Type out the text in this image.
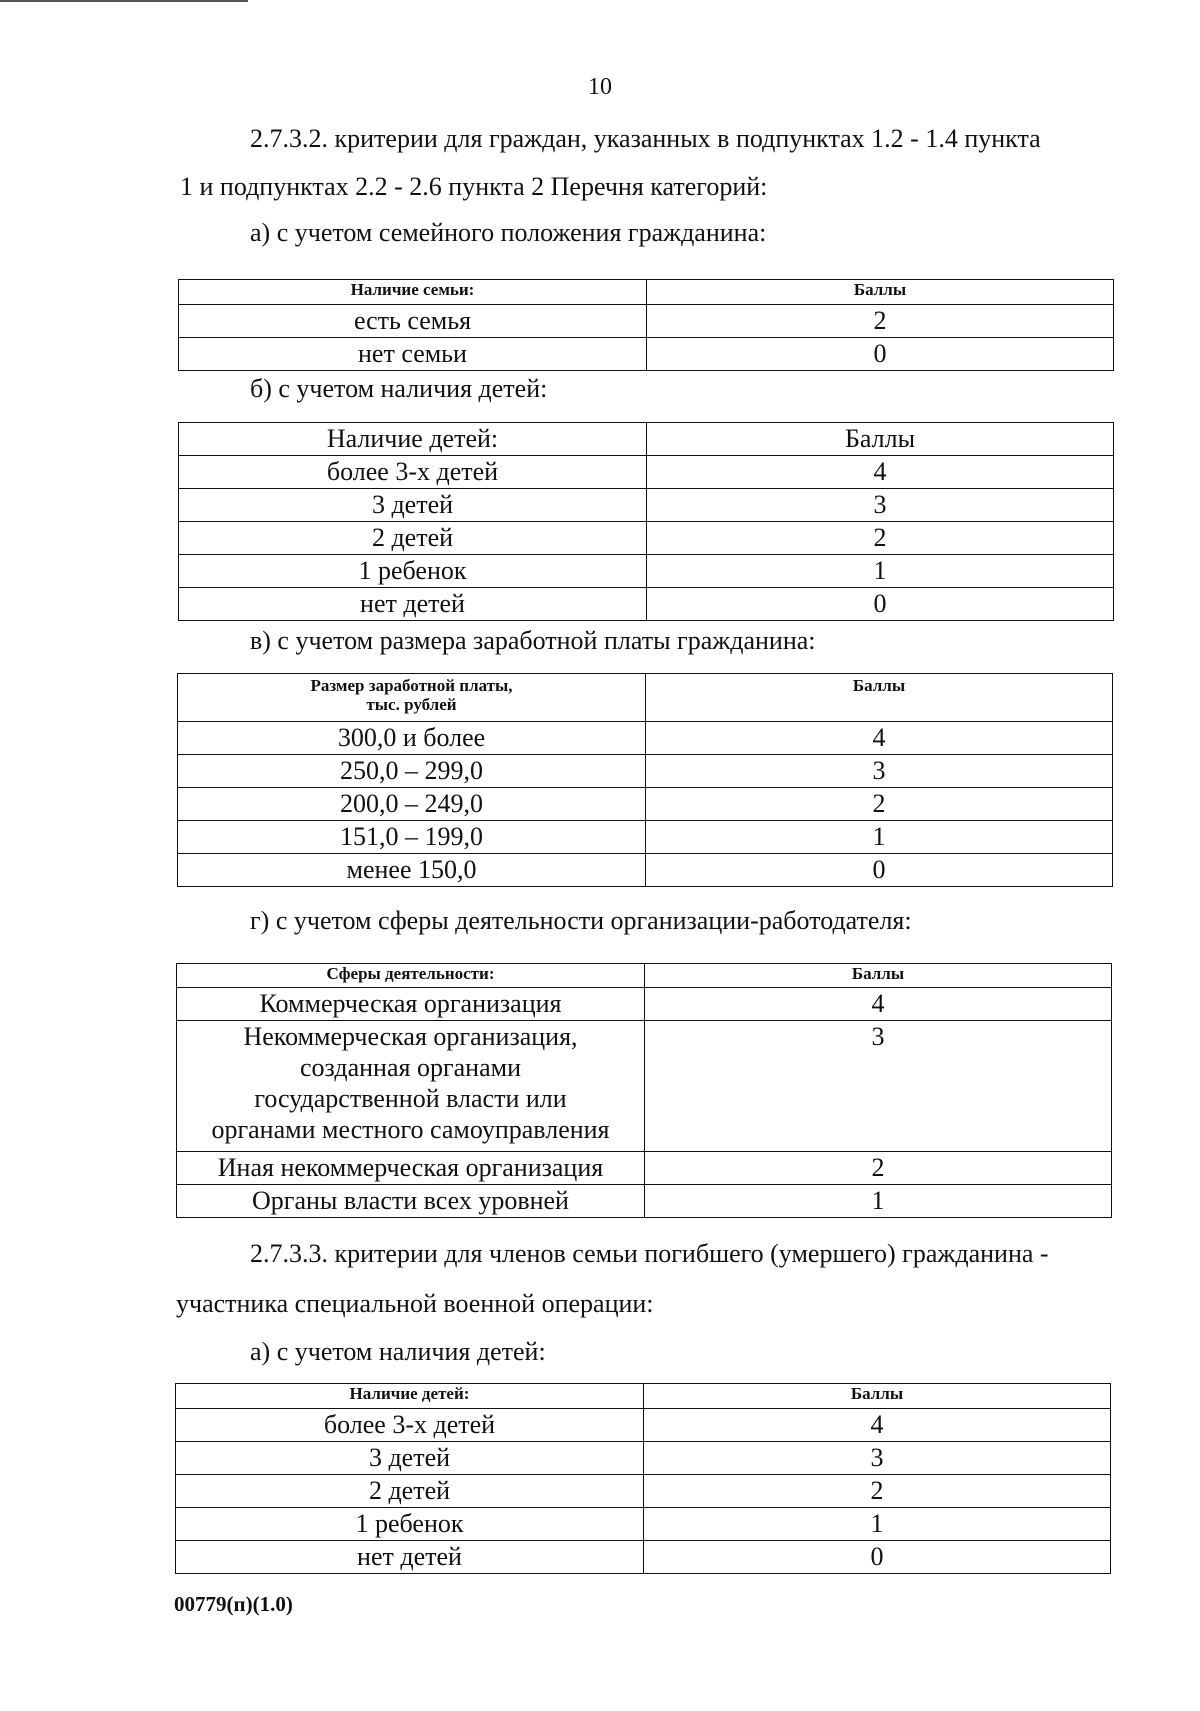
10
2.7.3.2. критерии для граждан, указанных в подпунктах 1.2 - 1.4 пункта
1 и подпунктах 2.2 - 2.6 пункта 2 Перечня категорий:
а) с учетом семейного положения гражданина:
Наличие семьи:	Баллы
есть семья	2
нет семьи	0
б) с учетом наличия детей:
Наличие детей:	Баллы
более 3-х детей	4
3 детей	3
2 детей	2
1 ребенок	1
нет детей	0
в) с учетом размера заработной платы гражданина:
Размер заработной платы,
тыс. рублей	Баллы
300,0 и более	4
250,0 – 299,0	3
200,0 – 249,0	2
151,0 – 199,0	1
менее 150,0	0
г) с учетом сферы деятельности организации-работодателя:
Сферы деятельности:	Баллы
Коммерческая организация	4

Некоммерческая организация,
созданная органами
государственной власти или
органами местного самоуправления	3
Иная некоммерческая организация	2
Органы власти всех уровней	1
2.7.3.3. критерии для членов семьи погибшего (умершего) гражданина -
участника специальной военной операции:
а) с учетом наличия детей:
Наличие детей:	Баллы
более 3-х детей	4
3 детей	3
2 детей	2
1 ребенок	1
нет детей	0
00779(п)(1.0)
